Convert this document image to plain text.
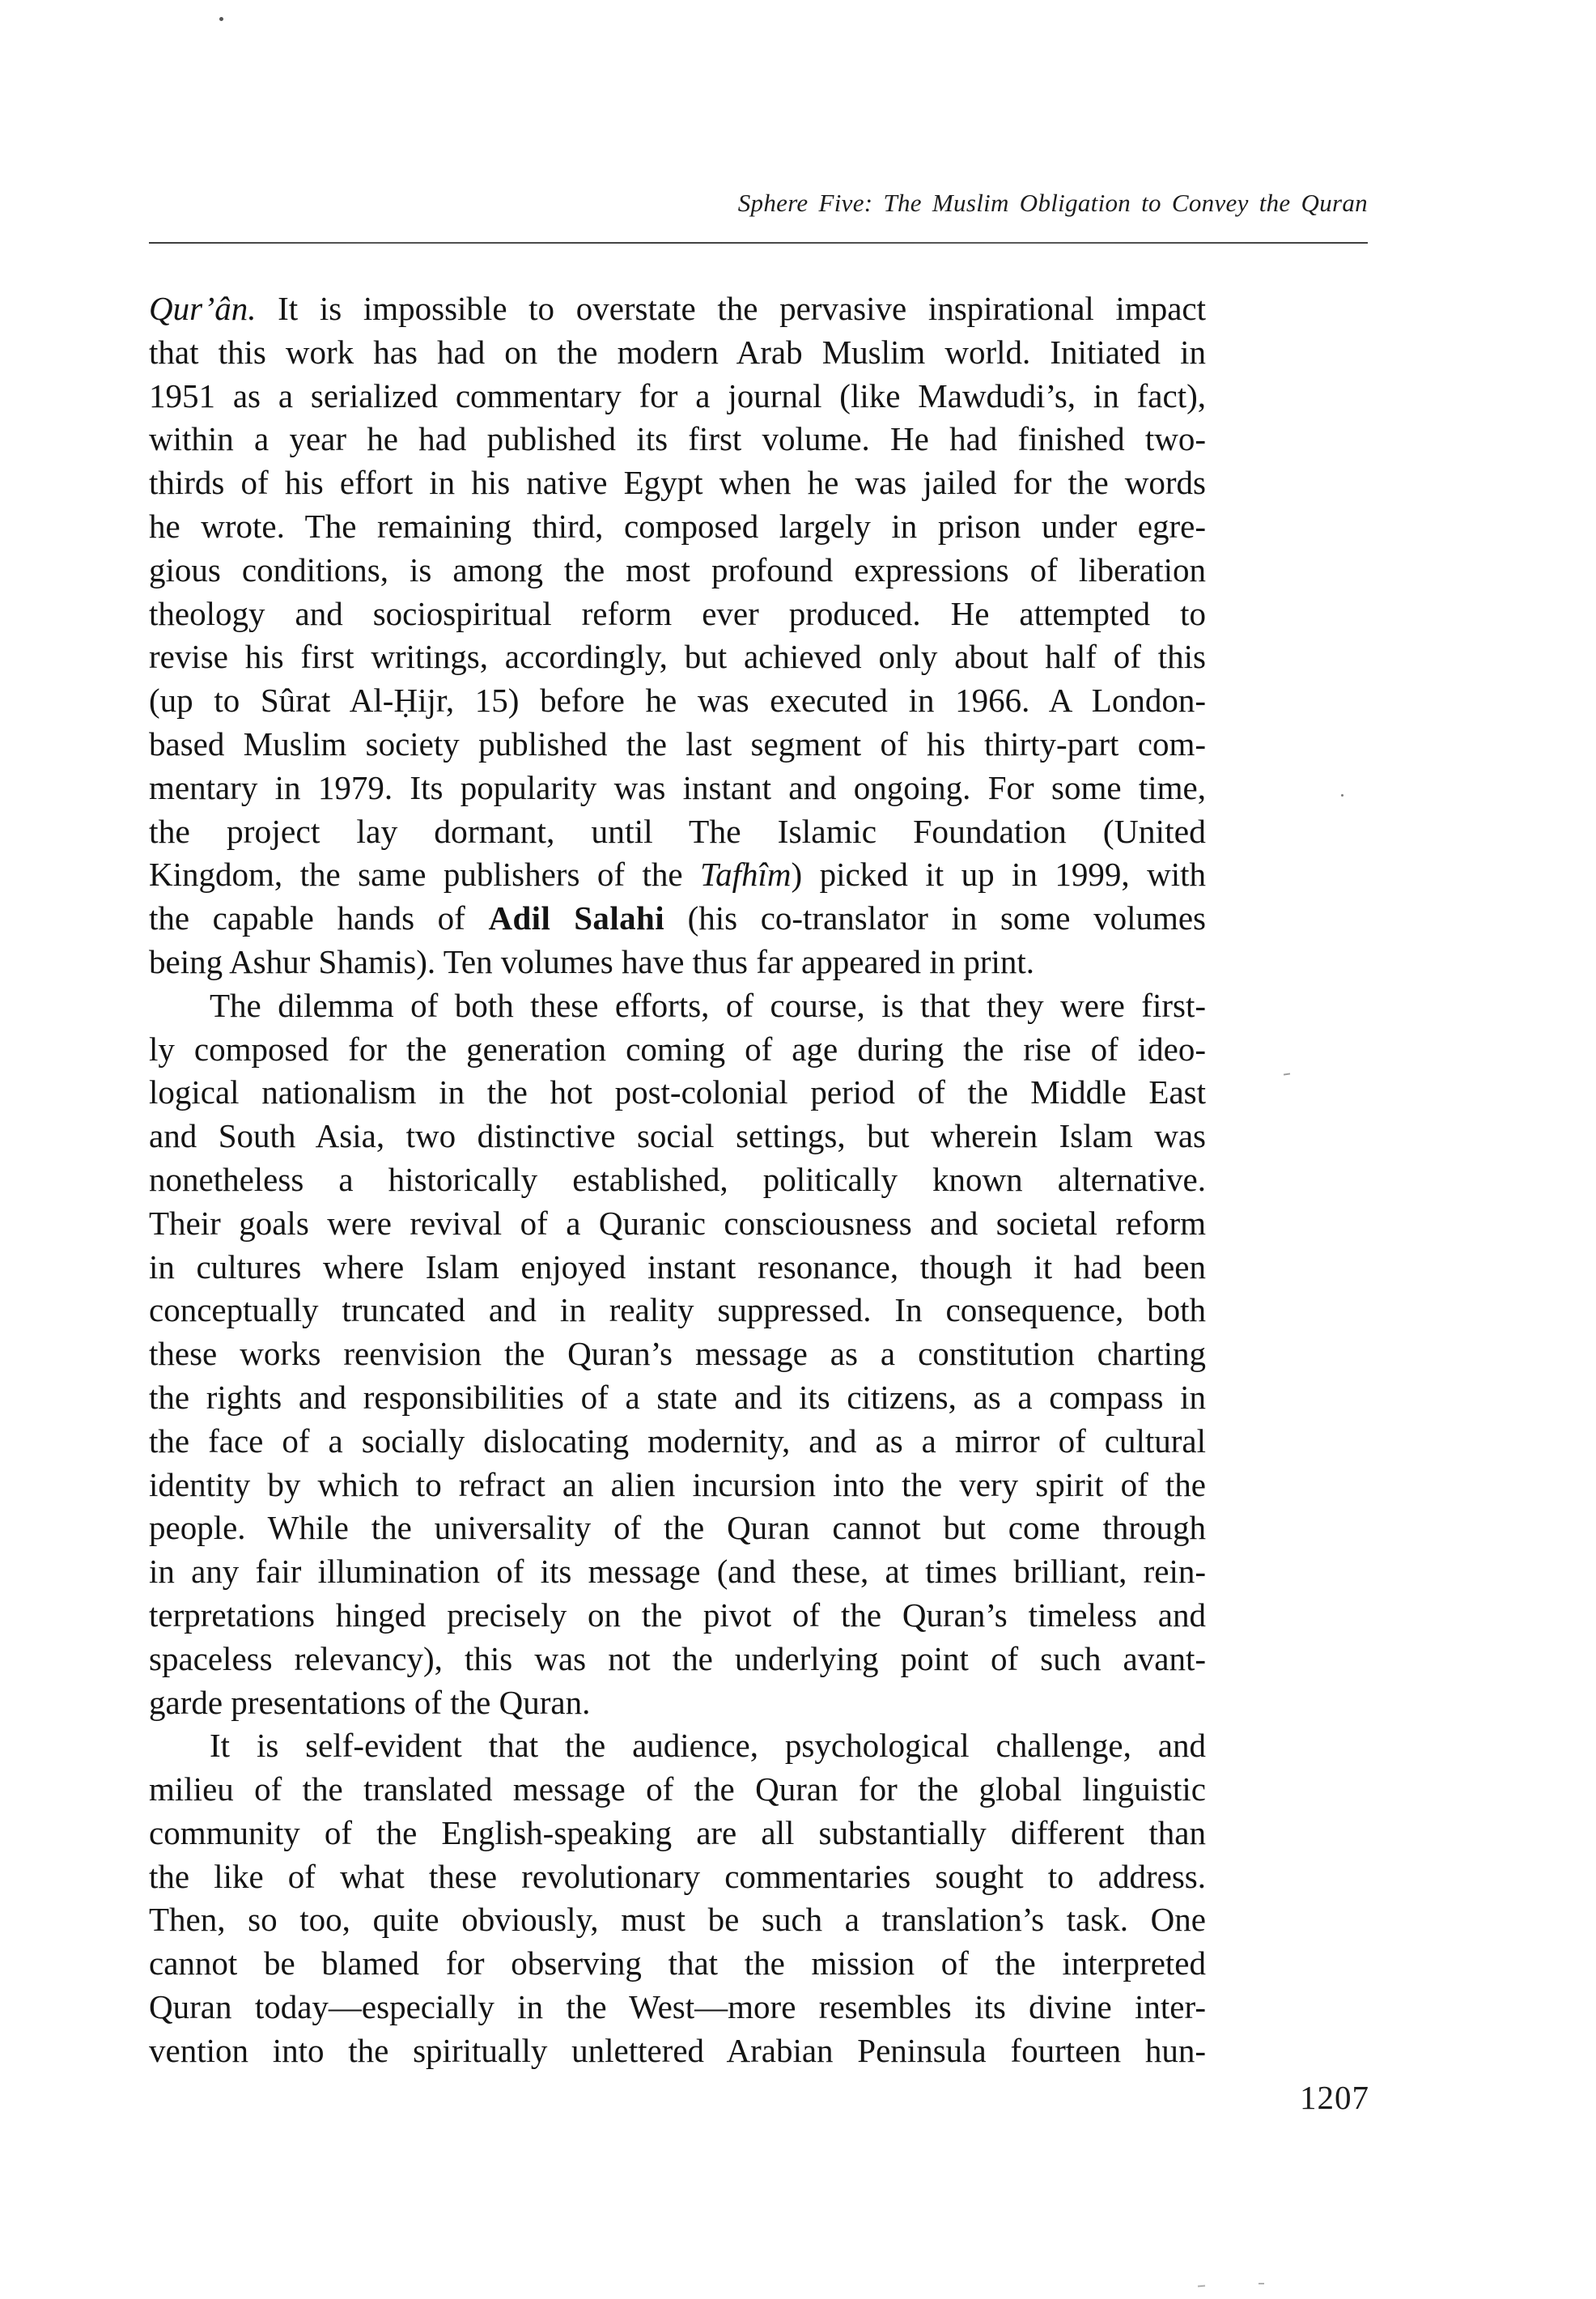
Sphere Five: The Muslim Obligation to Convey the Quran
Qur’ân. It is impossible to overstate the pervasive inspirational impact
that this work has had on the modern Arab Muslim world. Initiated in
1951 as a serialized commentary for a journal (like Mawdudi’s, in fact),
within a year he had published its first volume. He had finished two-
thirds of his effort in his native Egypt when he was jailed for the words
he wrote. The remaining third, composed largely in prison under egre-
gious conditions, is among the most profound expressions of liberation
theology and sociospiritual reform ever produced. He attempted to
revise his first writings, accordingly, but achieved only about half of this
(up to Sûrat Al-Ḥijr, 15) before he was executed in 1966. A London-
based Muslim society published the last segment of his thirty-part com-
mentary in 1979. Its popularity was instant and ongoing. For some time,
the project lay dormant, until The Islamic Foundation (United
Kingdom, the same publishers of the Tafhîm) picked it up in 1999, with
the capable hands of Adil Salahi (his co-translator in some volumes
being Ashur Shamis). Ten volumes have thus far appeared in print.
The dilemma of both these efforts, of course, is that they were first-
ly composed for the generation coming of age during the rise of ideo-
logical nationalism in the hot post-colonial period of the Middle East
and South Asia, two distinctive social settings, but wherein Islam was
nonetheless a historically established, politically known alternative.
Their goals were revival of a Quranic consciousness and societal reform
in cultures where Islam enjoyed instant resonance, though it had been
conceptually truncated and in reality suppressed. In consequence, both
these works reenvision the Quran’s message as a constitution charting
the rights and responsibilities of a state and its citizens, as a compass in
the face of a socially dislocating modernity, and as a mirror of cultural
identity by which to refract an alien incursion into the very spirit of the
people. While the universality of the Quran cannot but come through
in any fair illumination of its message (and these, at times brilliant, rein-
terpretations hinged precisely on the pivot of the Quran’s timeless and
spaceless relevancy), this was not the underlying point of such avant-
garde presentations of the Quran.
It is self-evident that the audience, psychological challenge, and
milieu of the translated message of the Quran for the global linguistic
community of the English-speaking are all substantially different than
the like of what these revolutionary commentaries sought to address.
Then, so too, quite obviously, must be such a translation’s task. One
cannot be blamed for observing that the mission of the interpreted
Quran today—especially in the West—more resembles its divine inter-
vention into the spiritually unlettered Arabian Peninsula fourteen hun-
1207
